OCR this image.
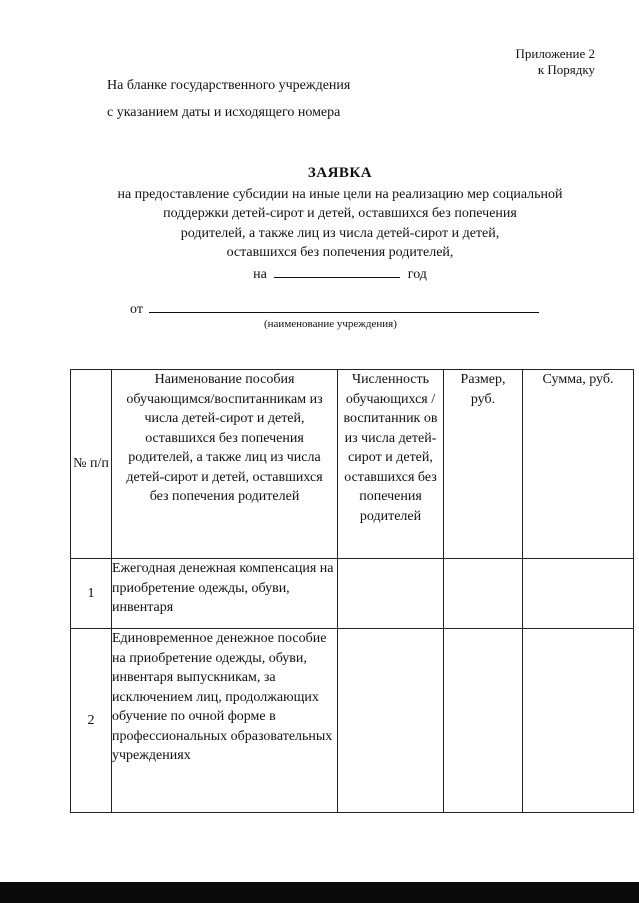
Приложение 2
к Порядку
На бланке государственного учреждения
с указанием даты и исходящего номера
ЗАЯВКА
на предоставление субсидии на иные цели на реализацию мер социальной
поддержки детей-сирот и детей, оставшихся без попечения
родителей, а также лиц из числа детей-сирот и детей,
оставшихся без попечения родителей,
на	год
от
(наименование учреждения)
№ п/п	Наименование пособия обучающимся/воспитанникам из числа детей-сирот и детей, оставшихся без попечения родителей, а также лиц из числа детей-сирот и детей, оставшихся без попечения родителей	Численность обучающихся /воспитанник ов из числа детей-сирот и детей, оставшихся без попечения родителей	Размер, руб.	Сумма, руб.
1	Ежегодная денежная компенсация на приобретение одежды, обуви, инвентаря			
2	Единовременное денежное пособие на приобретение одежды, обуви, инвентаря выпускникам, за исключением лиц, продолжающих обучение по очной форме в профессиональных образовательных учреждениях			
